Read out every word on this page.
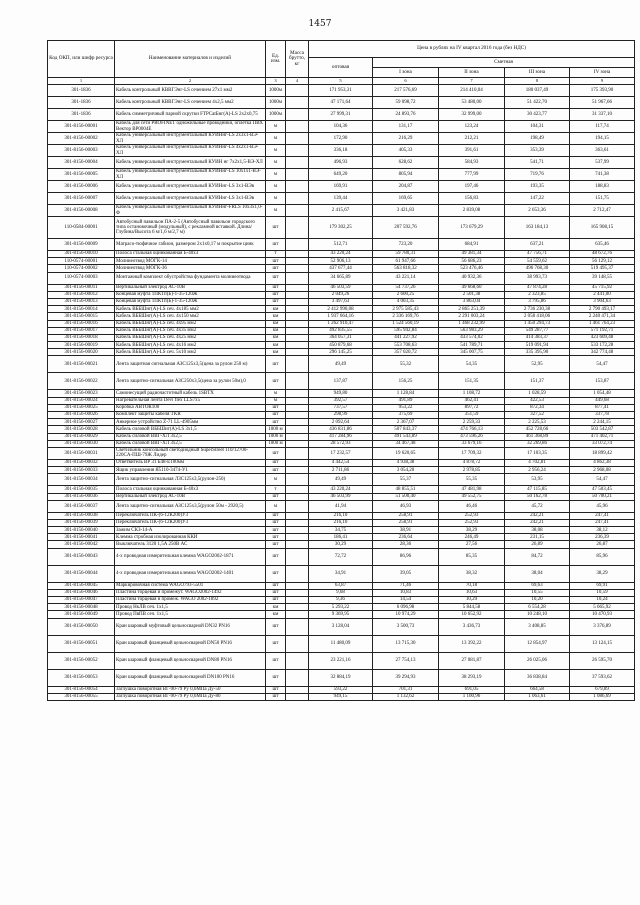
1457
Код ОКП, или шифр ресурса	Наименование материалов и изделий	Ед. изм.	Масса брутто, кг	Цена в рублях на IV квартал 2016 года (без НДС)				
				оптовая	Сметная			
					I зона	II зона	III зона	IV зона
1	2	3	4	5	6	7	8	9
301-1836	Кабель контрольный КВВГЭнг-LS сечением 27х1 мм2	1000м		171 953,31	217 576,69	214 410,04	180 037,49	175 393,90
301-1836	Кабель контрольный КВВГЭнг-LS сечением 4х2,5 мм2	1000м		47 171,64	59 098,72	53 480,00	51 422,70	51 967,66
301-1836	Кабель симметричный парной скрутки FTPCatБнг(А)-LS 2х2х0,75	1000м		27 999,31	24 893,76	32 999,00	30 423,77	31 337,10
301-8156-00001	Кабель для сети PROFINET одножильные проводники, оплетка ПВХ Вектор BP0004E	м		104,36	131,17	123,24	104,31	117,74
301-8156-00002	Кабель универсальный инструментальный КУИНнг-LS 2х3х1-ВЭ-ХЛ	м		172,90	216,29	212,21	198,49	194,15
301-8156-00003	Кабель универсальный инструментальный КУИНнг-LS 4х2х1-ВЭ-ХЛ	м		336,18	405,33	391,61	353,39	363,61
301-8156-00004	Кабель универсальный инструментальный КУИН нг 7х2х1,5-ВЭ-ХЛ	м		496,93	628,62	584,93	541,71	537,99
301-8156-00005	Кабель универсальный инструментальный КУИНнг-LS 10х1х1-ВЭ-ХЛ	м		649,20	805,94	777,99	719,76	741,38
301-8156-00006	Кабель универсальный инструментальный КУИНнг-LS 3х1-ВЭв	м		169,91	204,87	197,46	193,35	188,83
301-8156-00007	Кабель универсальный инструментальный КУИНнг-LS 3х1-ВЭв	м		139,44	169,65	156,83	147,22	151,75
301-8156-00008	Кабель универсальный инструментальный КУИНнг-FRLS 10х3х1,0-Ф	м		2 415,67	3 421,83	2 839,08	2 653,36	2 712,47
110-0584-00001	Автобусный павильон ПА-2-5 (Автобусный павильон городского типа остановочный (модульный), с рекламной вставкой. Длина/Глубина/Высота 6 м/1,6 м/2,7 м)	шт		179 302,25	207 592,76	173 679,29	163 184,13	165 908,15
301-8156-00009	Матрасо-тюфячное габион, размером 2х1х0,17 м покрытие цинк	шт		512,71	723,20	684,91	637,21	635,46
301-8156-00010	Полоса стальная оцинкованная Б-40х3	т		43 220,24	59 780,31	49 381,34	47 756,71	48 672,76
110-0574-00001	Молниеотвод МОГК-14	шт		52 906,13	61 947,66	56 686,23	54 559,62	56 129,12
110-0574-00002	Молниеотвод МОГК-36	шт		437 677,44	563 818,32	523 476,46	496 768,30	519 495,37
110-0574-00003	Монтажный комплект обустройства фундамента молниеотвода	шт		34 665,89	43 221,14	40 932,36	38 993,73	39 148,55
301-8156-00011	Вертикальный электрод АС-10В	шт		46 503,59	54 737,26	49 668,60	47 874,28	45 715,92
301-8156-00012	Концевая муфта 1ПКТп(Б)-1-35-120Ж	шт		2 049,26	2 600,25	2 501,38	2 323,85	2 441,00
301-8156-00013	Концевая муфта 1ПКТп(Б)-1-35-120Ж	шт		3 497,63	4 003,35	3 863,04	3 795,86	3 904,63
301-8156-00014	Кабель ВББШнг(А)-LS сеч. 4х185 мм2	км		2 412 990,08	2 975 585,43	2 865 251,39	2 736 230,38	2 790 493,17
301-8156-00015	Кабель ВББШнг(А)-LS сеч. 4х150 мм2	км		1 937 664,16	2 336 169,76	2 291 003,24	2 058 418,06	2 240 471,34
301-8156-00016	Кабель ВББШнг(А)-LS сеч. 4х95 мм2	км		1 262 910,47	1 524 560,19	1 468 232,99	1 450 294,73	1 461 764,23
301-8156-00017	Кабель ВББШнг(А)-LS сеч. 4х35 мм2	км		492 835,55	595 942,84	563 983,29	549 287,77	571 192,71
301-8156-00018	Кабель ВББШнг(А)-LS сеч. 4х25 мм2	км		364 057,31	441 227,92	433 574,02	414 383,37	423 609,48
301-8156-00019	Кабель ВББШнг(А)-LS сеч. 4х16 мм2	км		450 879,68	553 708,63	541 789,71	519 091,94	533 172,28
301-8156-00020	Кабель ВББШнг(А)-LS сеч. 5х10 мм2	км		296 145,25	357 020,72	345 007,75	335 395,90	342 774,48
301-8156-00021	Лента защитная сигнальная АЗС125х3,5(цена за рулон 250 м)	шт		49,49	55,32	54,35	52,95	54,47
301-8156-00022	Лента защитно-сигнальная АЗС250х3,5(цена за рулон 50м),0	шт		137,87	156,25	151,35	151,37	153,87
301-8156-00023	Самонесущий радиочастотный кабель 1SBTX	м		949,80	1 128,84	1 108,72	1 028,59	1 054,48
301-8156-00024	Нагревательная лента Devi flex LLS7х5	м		392,57	491,89	462,41	422,53	449,68
301-8156-00025	Коробка АВТОК100	шт		737,57	953,22	897,72	872,34	877,41
301-8156-00026	Комплект защиты кабеля TKR	шт		298,99	375,69	351,59	327,52	337,78
301-8156-00027	Анкерное устройство Z-71 LL-4905мм	шт		2 092,64	2 367,07	2 259,33	2 225,53	2 244,15
301-8156-00028	Кабель силовой ВББШнг(А)-LS 3х1,5	1000 м		436 831,86	507 843,37	474 766,13	452 728,66	503 542,87
301-8156-00029	Кабель силовой ВВГ-ХЛ 3х2,5	1000 м		417 284,96	491 543,89	473 596,26	461 368,89	471 402,71
301-8156-00030	Кабель силовой ВВГ-ХЛ 3х2,5	1000 м		28 572,93	34 467,48	33 679,16	32 269,86	33 072,74
301-8156-00031	Светильник консольный светодиодный SuperStreet 110/12700-220CА-ПШ-79Ж Лидер	шт		17 232,57	19 620,65	17 709,32	17 103,35	18 899,42
301-8156-00032	Ответвитель ВР 31 Б48-Е100мм	шт		4 442,54	4 938,38	4 878,72	4 702,81	4 862,38
301-8156-00033	Ящик управления Я5110-3474-У1	шт		2 711,86	3 054,20	2 978,85	2 956,24	2 968,08
301-8156-00034	Лента защитно-сигнальная ЛЗС125х3,5(рулон-250)	м		49,49	55,37	55,35	53,95	54,47
301-8156-00035	Полоса стальная оцинкованная Б-40х3	т		43 220,24	48 855,51	47 481,98	47 115,85	47 503,45
301-8156-00036	Вертикальный электрод АС-10В	шт		46 503,99	51 500,40	49 552,75	50 162,78	50 700,21
301-8156-00037	Лента защитно-сигнальная АЗС125х3,5(рулон 50м - 2920,5)	м		41,94	46,93	46,46	45,72	45,96
301-8156-00038	Переключатель ПК-(6-12К200)У3	шт		216,10	258,91	252,93	242,21	247,41
301-8156-00039	Переключатель ПК-(6-12К200)У3	шт		216,10	258,91	252,93	242,21	247,41
301-8156-00040	Зажим СКЗ-14-А	шт		34,75	38,91	38,29	38,08	38,12
301-8156-00041	Клемма стробная изолированная ККИ	шт		186,41	236,64	246,49	231,15	236,39
301-8156-00042	Выключатель 3120 1,5А 250В АС	шт		30,29	28,36	27,56	26,89	26,87
301-8156-00043	4-х проводная измерительная клемма WAGO2002-1871	шт		72,72	86,96	85,35	84,72	85,96
301-8156-00044	4-х проводная измерительная клемма WAGO2002-1401	шт		34,91	39,05	38,32	38,04	38,29
301-8156-00045	Маркировочная система WAGO793-5501	шт		63,87	71,46	70,18	69,63	69,91
301-8156-00046	Пластина торцевая и промежут. WAGO2002-1492	шт		9,68	10,83	10,63	10,55	10,59
301-8156-00047	Пластина торцевая и промеж. WAGO 2002-1892	шт		9,36	14,54	10,29	10,20	10,24
301-8156-00048	Провод НкЛВ сеч. 1х1,5	км		5 293,22	6 096,98	5 844,58	6 554,28	5 665,92
301-8156-00049	Провод ПвПВ сеч. 1х1,5	км		9 369,95	10 974,29	10 652,92	10 248,10	10 470,93
301-8156-00050	Кран шаровый муфтовый цельносварной DN32 PN16	шт		3 128,04	3 500,73	3 436,73	3 408,85	3 376,89
301-8156-00051	Кран шаровый фланцевый цельносварной DN50 PN16	шт		11 480,09	13 715,30	13 392,22	12 854,97	13 124,15
301-8156-00052	Кран шаровый фланцевый цельносварной DN80 PN16	шт		23 221,16	27 754,13	27 081,87	26 025,06	26 595,70
301-8156-00053	Кран шаровый фланцевый цельносварной DN100 PN16	шт		32 884,19	39 294,93	38 293,19	36 838,84	37 593,62
301-8156-00054	Заглушка поворотная ВГ-90-79 Ру 0,6МПа Ду-50	шт		593,22	701,31	691,05	664,58	679,89
301-8156-00055	Заглушка поворотная ВГ-90-79 Ру 0,6МПа Ду-80	шт		949,15	1 132,62	1 100,96	1 063,61	1 086,69
